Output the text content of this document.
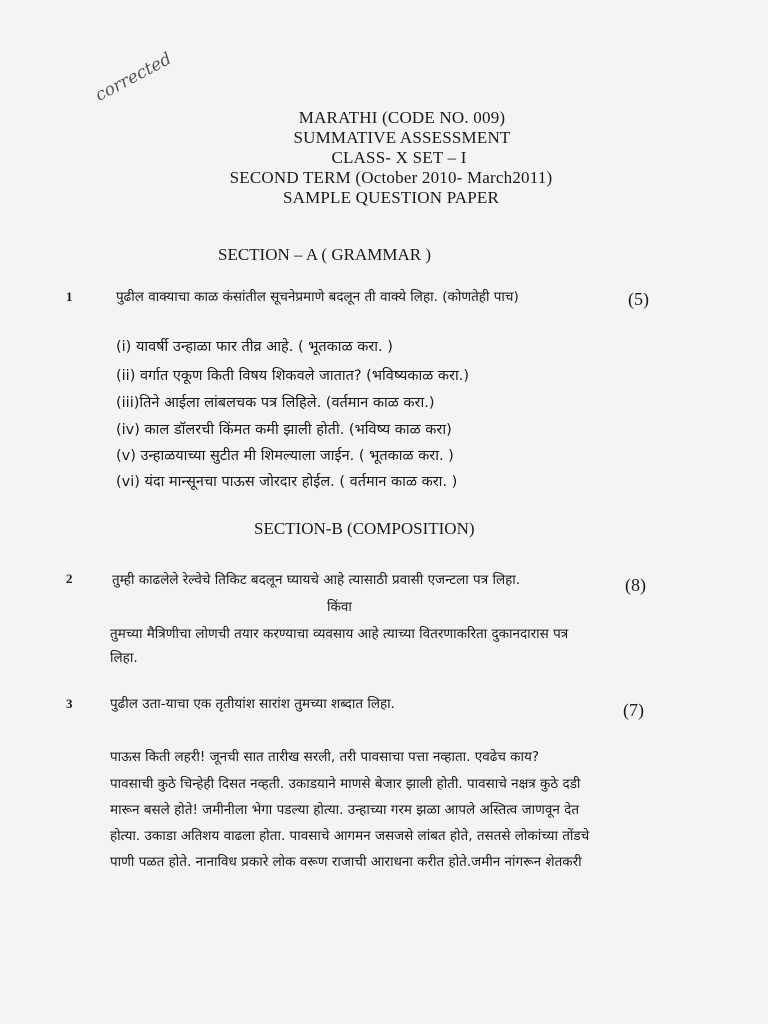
corrected
MARATHI (CODE NO. 009)
SUMMATIVE ASSESSMENT
CLASS- X SET – I
SECOND TERM (October 2010- March2011)
SAMPLE QUESTION PAPER
SECTION – A ( GRAMMAR )
1	पुढील वाक्याचा काळ कंसांतील सूचनेप्रमाणे बदलून ती वाक्ये लिहा. (कोणतेही पाच)	(5)
(i) यावर्षी उन्हाळा फार तीव्र आहे. ( भूतकाळ करा. )
(ii) वर्गात एकूण किती विषय शिकवले जातात? (भविष्यकाळ करा.)
(iii)तिने आईला लांबलचक पत्र लिहिले. (वर्तमान काळ करा.)
(iv) काल डॉलरची किंमत कमी झाली होती. (भविष्य काळ करा)
(v) उन्हाळयाच्या सुटीत मी शिमल्याला जाईन. ( भूतकाळ करा. )
(vi) यंदा मान्सूनचा पाऊस जोरदार होईल. ( वर्तमान काळ करा. )
SECTION-B (COMPOSITION)
2	तुम्ही काढलेले रेल्वेचे तिकिट बदलून घ्यायचे आहे त्यासाठी प्रवासी एजन्टला पत्र लिहा.	(8)
किंवा
तुमच्या मैत्रिणीचा लोणची तयार करण्याचा व्यवसाय आहे त्याच्या वितरणाकरिता दुकानदारास पत्र
लिहा.
3	पुढील उता-याचा एक तृतीयांश सारांश तुमच्या शब्दात लिहा.	(7)
पाऊस किती लहरी! जूनची सात तारीख सरली, तरी पावसाचा पत्ता नव्हाता. एवढेच काय?
पावसाची कुठे चिन्हेही दिसत नव्हती. उकाडयाने माणसे बेजार झाली होती. पावसाचे नक्षत्र कुठे दडी
मारून बसले होते! जमीनीला भेगा पडल्या होत्या. उन्हाच्या गरम झळा आपले अस्तित्व जाणवून देत
होत्या. उकाडा अतिशय वाढला होता. पावसाचे आगमन जसजसे लांबत होते, तसतसे लोकांच्या तोंडचे
पाणी पळत होते. नानाविध प्रकारे लोक वरूण राजाची आराधना करीत होते.जमीन नांगरून शेतकरी
